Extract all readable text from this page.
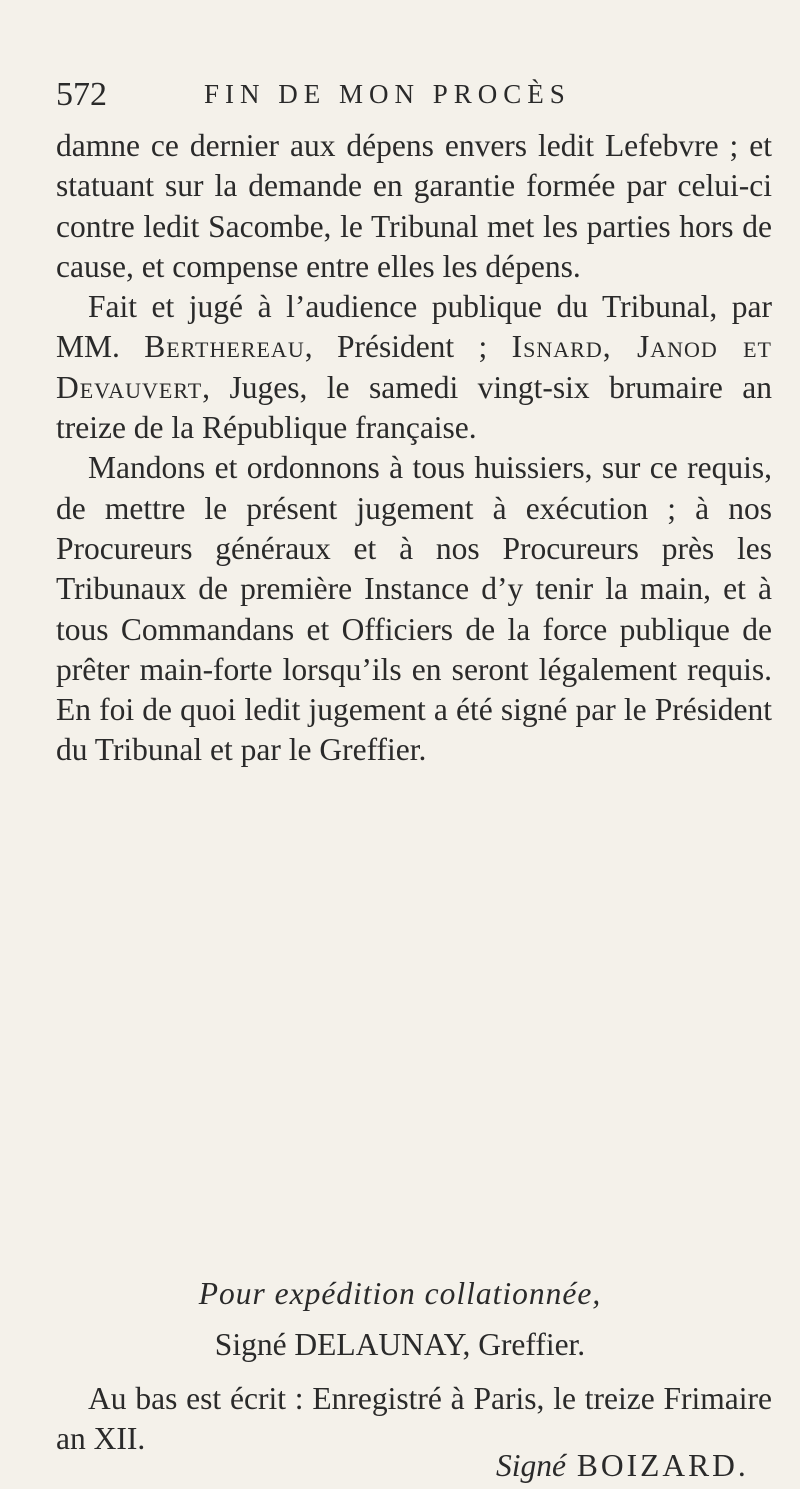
572	FIN DE MON PROCÈS

damne ce dernier aux dépens envers ledit Lefebvre ; et statuant sur la demande en garantie formée par celui-ci contre ledit Sacombe, le Tribunal met les parties hors de cause, et compense entre elles les dépens.

Fait et jugé à l’audience publique du Tribunal, par MM. Berthereau, Président ; Isnard, Janod et Devauvert, Juges, le samedi vingt-six brumaire an treize de la République française.

Mandons et ordonnons à tous huissiers, sur ce requis, de mettre le présent jugement à exécution ; à nos Procureurs généraux et à nos Procureurs près les Tribunaux de première Instance d’y tenir la main, et à tous Commandans et Officiers de la force publique de prêter main-forte lorsqu’ils en seront légalement requis. En foi de quoi ledit jugement a été signé par le Président du Tribunal et par le Greffier.

Pour expédition collationnée,
Signé DELAUNAY, Greffier.

Au bas est écrit : Enregistré à Paris, le treize Frimaire an XII.

Signé BOIZARD.
